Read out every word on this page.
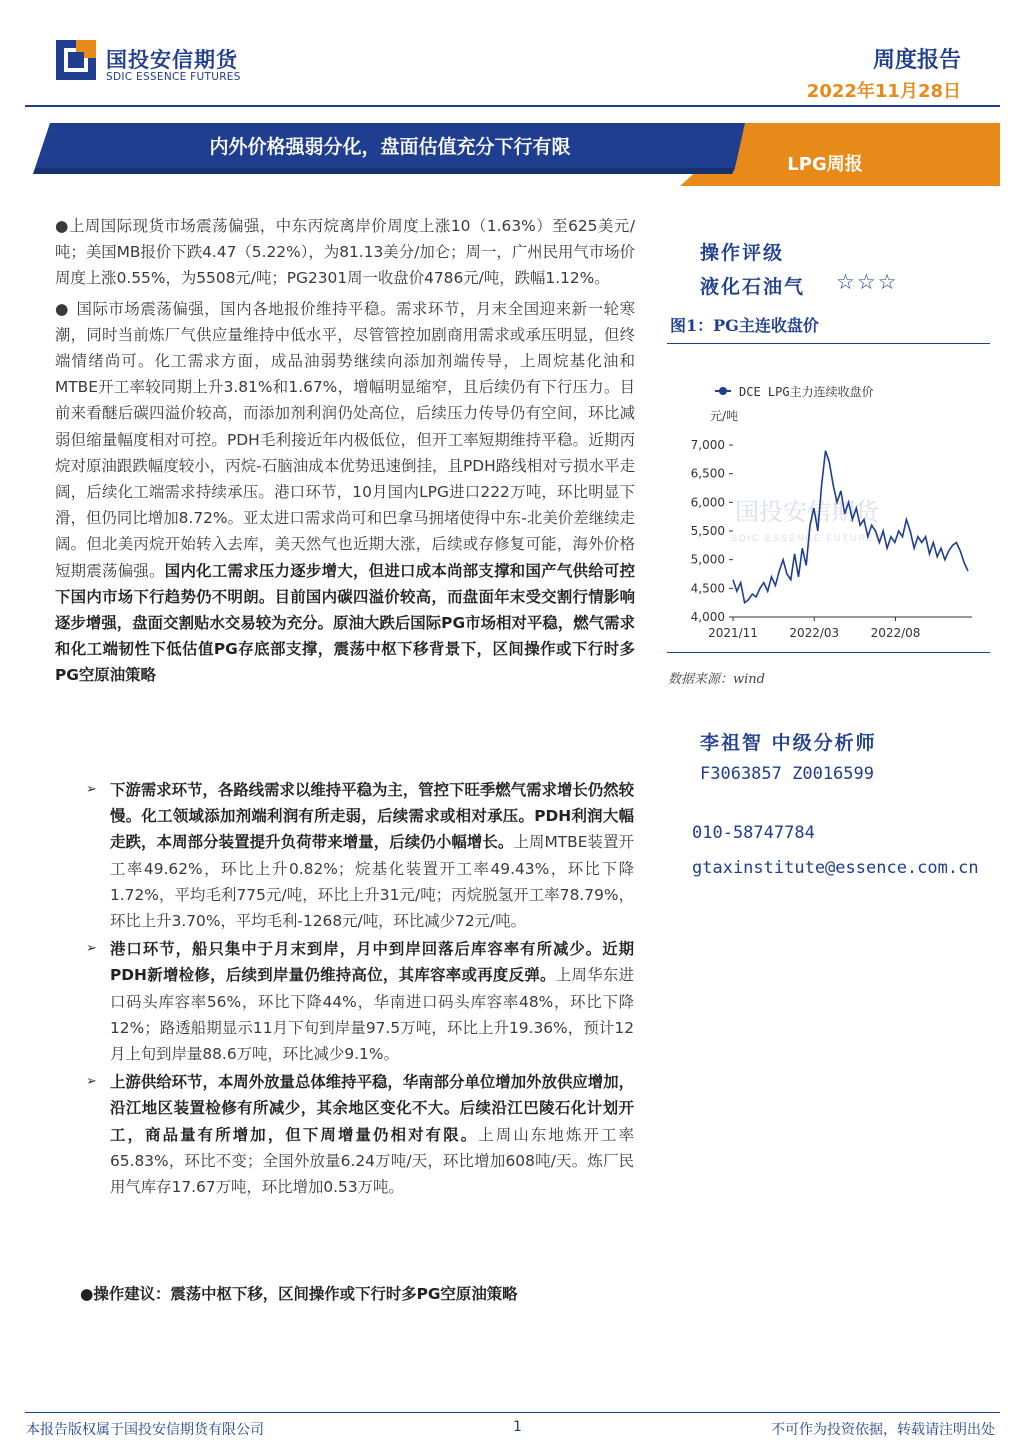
国投安信期货
SDIC ESSENCE FUTURES
周度报告
2022年11月28日
内外价格强弱分化，盘面估值充分下行有限
LPG周报

●上周国际现货市场震荡偏强，中东丙烷离岸价周度上涨10（1.63%）至625美元/吨；美国MB报价下跌4.47（5.22%），为81.13美分/加仑；周一，广州民用气市场价周度上涨0.55%，为5508元/吨；PG2301周一收盘价4786元/吨，跌幅1.12%。

● 国际市场震荡偏强，国内各地报价维持平稳。需求环节，月末全国迎来新一轮寒潮，同时当前炼厂气供应量维持中低水平，尽管管控加剧商用需求或承压明显，但终端情绪尚可。化工需求方面，成品油弱势继续向添加剂端传导，上周烷基化油和MTBE开工率较同期上升3.81%和1.67%，增幅明显缩窄，且后续仍有下行压力。目前来看醚后碳四溢价较高，而添加剂利润仍处高位，后续压力传导仍有空间，环比减弱但缩量幅度相对可控。PDH毛利接近年内极低位，但开工率短期维持平稳。近期丙烷对原油跟跌幅度较小，丙烷-石脑油成本优势迅速倒挂，且PDH路线相对亏损水平走阔，后续化工端需求持续承压。港口环节，10月国内LPG进口222万吨，环比明显下滑，但仍同比增加8.72%。亚太进口需求尚可和巴拿马拥堵使得中东-北美价差继续走阔。但北美丙烷开始转入去库，美天然气也近期大涨，后续或存修复可能，海外价格短期震荡偏强。国内化工需求压力逐步增大，但进口成本尚部支撑和国产气供给可控下国内市场下行趋势仍不明朗。目前国内碳四溢价较高，而盘面年末受交割行情影响逐步增强，盘面交割贴水交易较为充分。原油大跌后国际PG市场相对平稳，燃气需求和化工端韧性下低估值PG存底部支撑，震荡中枢下移背景下，区间操作或下行时多PG空原油策略

➢ 下游需求环节，各路线需求以维持平稳为主，管控下旺季燃气需求增长仍然较慢。化工领域添加剂端利润有所走弱，后续需求或相对承压。PDH利润大幅走跌，本周部分装置提升负荷带来增量，后续仍小幅增长。上周MTBE装置开工率49.62%，环比上升0.82%；烷基化装置开工率49.43%，环比下降1.72%，平均毛利775元/吨，环比上升31元/吨；丙烷脱氢开工率78.79%，环比上升3.70%，平均毛利-1268元/吨，环比减少72元/吨。
➢ 港口环节，船只集中于月末到岸，月中到岸回落后库容率有所减少。近期PDH新增检修，后续到岸量仍维持高位，其库容率或再度反弹。上周华东进口码头库容率56%，环比下降44%，华南进口码头库容率48%，环比下降12%；路透船期显示11月下旬到岸量97.5万吨，环比上升19.36%，预计12月上旬到岸量88.6万吨，环比减少9.1%。
➢ 上游供给环节，本周外放量总体维持平稳，华南部分单位增加外放供应增加，沿江地区装置检修有所减少，其余地区变化不大。后续沿江巴陵石化计划开工，商品量有所增加，但下周增量仍相对有限。上周山东地炼开工率65.83%，环比不变；全国外放量6.24万吨/天，环比增加608吨/天。炼厂民用气库存17.67万吨，环比增加0.53万吨。
●操作建议：震荡中枢下移，区间操作或下行时多PG空原油策略
操作评级
液化石油气 ☆☆☆
图1：PG主连收盘价
国投安信期货
SDIC ESSENCE FUTURES
DCE LPG主力连续收盘价
元/吨
4,000
4,500
5,000
5,500
6,000
6,500
7,000
2021/11	2022/03	2022/08
数据来源：wind
李祖智 中级分析师
F3063857 Z0016599
010-58747784
gtaxinstitute@essence.com.cn
本报告版权属于国投安信期货有限公司	1	不可作为投资依据，转载请注明出处
